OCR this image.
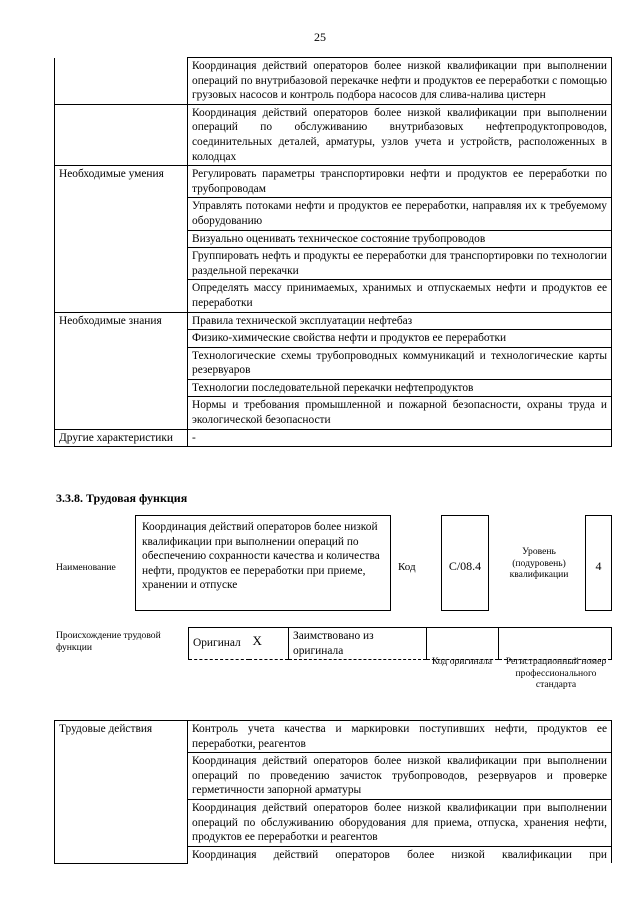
25
	Координация действий операторов более низкой квалификации при выполнении операций по внутрибазовой перекачке нефти и продуктов ее переработки с помощью грузовых насосов и контроль подбора насосов для слива-налива цистерн
	Координация действий операторов более низкой квалификации при выполнении операций по обслуживанию внутрибазовых нефтепродуктопроводов, соединительных деталей, арматуры, узлов учета и устройств, расположенных в колодцах
Необходимые умения	Регулировать параметры транспортировки нефти и продуктов ее переработки по трубопроводам
	Управлять потоками нефти и продуктов ее переработки, направляя их к требуемому оборудованию
	Визуально оценивать техническое состояние трубопроводов
	Группировать нефть и продукты ее переработки для транспортировки по технологии раздельной перекачки
	Определять массу принимаемых, хранимых и отпускаемых нефти и продуктов ее переработки
Необходимые знания	Правила технической эксплуатации нефтебаз
	Физико-химические свойства нефти и продуктов ее переработки
	Технологические схемы трубопроводных коммуникаций и технологические карты резервуаров
	Технологии последовательной перекачки нефтепродуктов
	Нормы и требования промышленной и пожарной безопасности, охраны труда и экологической безопасности
Другие характеристики	-
3.3.8. Трудовая функция
Наименование
Координация действий операторов более низкой квалификации при выполнении операций по обеспечению сохранности качества и количества нефти, продуктов ее переработки при приеме, хранении и отпуске
Код	С/08.4
Уровень (подуровень) квалификации
4
Происхождение трудовой функции	Оригинал	X	Заимствовано из оригинала		
Код оригинала	Регистрационный номер профессионального стандарта
Трудовые действия	Контроль учета качества и маркировки поступивших нефти, продуктов ее переработки, реагентов
Координация действий операторов более низкой квалификации при выполнении операций по проведению зачисток трубопроводов, резервуаров и проверке герметичности запорной арматуры
Координация действий операторов более низкой квалификации при выполнении операций по обслуживанию оборудования для приема, отпуска, хранения нефти, продуктов ее переработки и реагентов
Координация действий операторов более низкой квалификации при
